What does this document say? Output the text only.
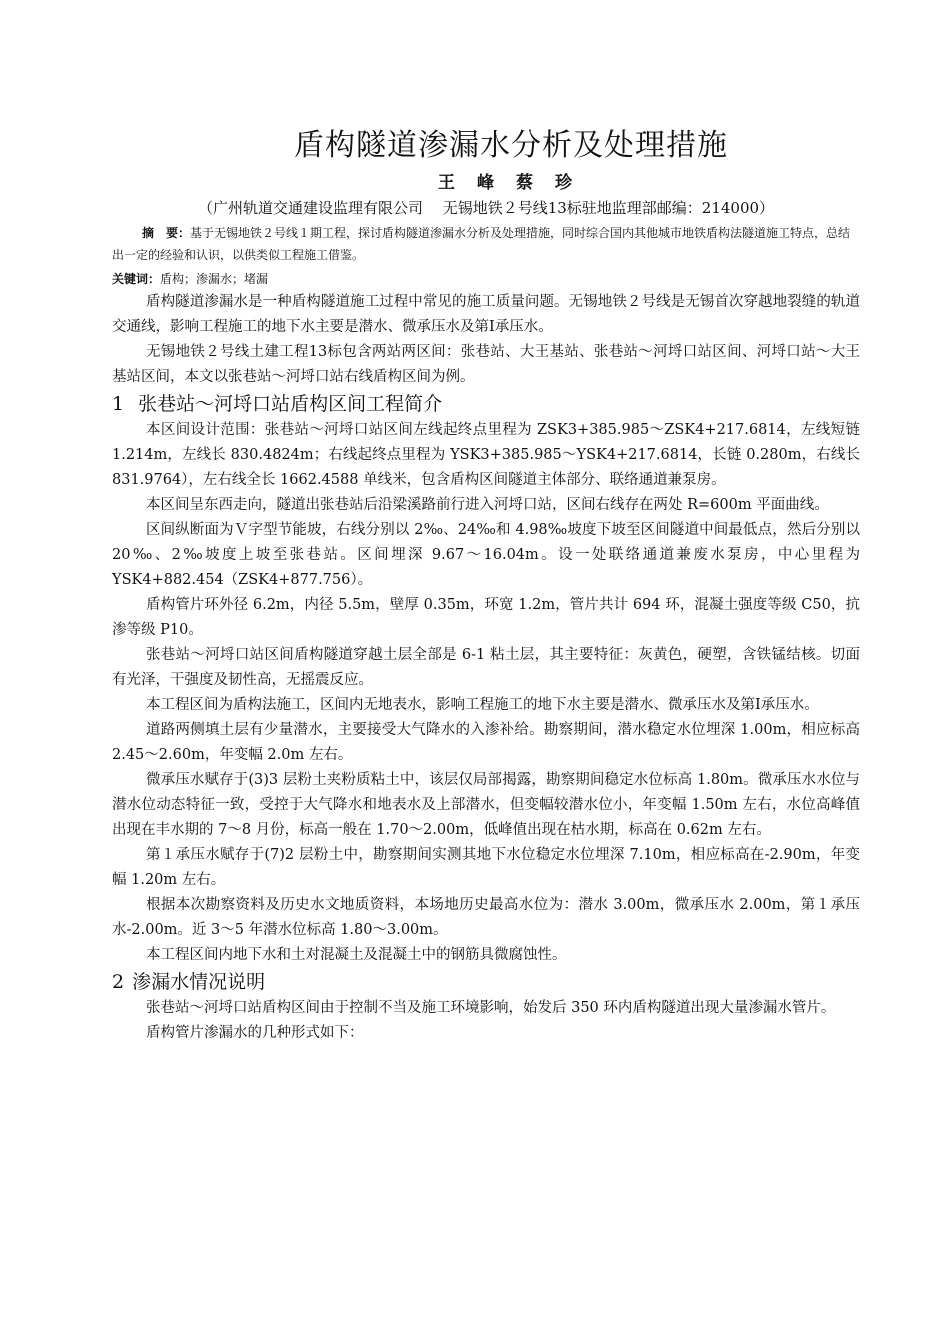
盾构隧道渗漏水分析及处理措施
王峰蔡珍
（广州轨道交通建设监理有限公司　 无锡地铁２号线13标驻地监理部邮编：214000）

摘　要：基于无锡地铁２号线１期工程，探讨盾构隧道渗漏水分析及处理措施，同时综合国内其他城市地铁盾构法隧道施工特点，总结出一定的经验和认识，以供类似工程施工借鉴。

关键词：盾构；渗漏水；堵漏

盾构隧道渗漏水是一种盾构隧道施工过程中常见的施工质量问题。无锡地铁２号线是无锡首次穿越地裂缝的轨道交通线，影响工程施工的地下水主要是潜水、微承压水及第Ⅰ承压水。

无锡地铁２号线土建工程13标包含两站两区间：张巷站、大王基站、张巷站～河埒口站区间、河埒口站～大王基站区间，本文以张巷站～河埒口站右线盾构区间为例。

1 张巷站～河埒口站盾构区间工程简介

本区间设计范围：张巷站～河埒口站区间左线起终点里程为 ZSK3+385.985～ZSK4+217.6814，左线短链 1.214m，左线长 830.4824m；右线起终点里程为 YSK3+385.985～YSK4+217.6814，长链 0.280m，右线长 831.9764），左右线全长 1662.4588 单线米，包含盾构区间隧道主体部分、联络通道兼泵房。

本区间呈东西走向，隧道出张巷站后沿梁溪路前行进入河埒口站，区间右线存在两处 R=600m 平面曲线。

区间纵断面为Ｖ字型节能坡，右线分别以 2‰、24‰和 4.98‰坡度下坡至区间隧道中间最低点，然后分别以 20‰、2‰坡度上坡至张巷站。区间埋深 9.67～16.04m。设一处联络通道兼废水泵房，中心里程为 YSK4+882.454（ZSK4+877.756）。

盾构管片环外径 6.2m，内径 5.5m，壁厚 0.35m，环宽 1.2m，管片共计 694 环，混凝土强度等级 C50，抗渗等级 P10。

张巷站～河埒口站区间盾构隧道穿越土层全部是 6-1 粘土层，其主要特征：灰黄色，硬塑，含铁锰结核。切面有光泽，干强度及韧性高，无摇震反应。

本工程区间为盾构法施工，区间内无地表水，影响工程施工的地下水主要是潜水、微承压水及第Ⅰ承压水。

道路两侧填土层有少量潜水，主要接受大气降水的入渗补给。勘察期间，潜水稳定水位埋深 1.00m，相应标高 2.45～2.60m，年变幅 2.0m 左右。

微承压水赋存于(3)3 层粉土夹粉质粘土中，该层仅局部揭露，勘察期间稳定水位标高 1.80m。微承压水水位与潜水位动态特征一致，受控于大气降水和地表水及上部潜水，但变幅较潜水位小，年变幅 1.50m 左右，水位高峰值出现在丰水期的 7～8 月份，标高一般在 1.70～2.00m，低峰值出现在枯水期，标高在 0.62m 左右。

第１承压水赋存于(7)2 层粉土中，勘察期间实测其地下水位稳定水位埋深 7.10m，相应标高在-2.90m，年变幅 1.20m 左右。

根据本次勘察资料及历史水文地质资料，本场地历史最高水位为：潜水 3.00m，微承压水 2.00m，第１承压水-2.00m。近 3～5 年潜水位标高 1.80～3.00m。

本工程区间内地下水和土对混凝土及混凝土中的钢筋具微腐蚀性。

2 渗漏水情况说明

张巷站～河埒口站盾构区间由于控制不当及施工环境影响，始发后 350 环内盾构隧道出现大量渗漏水管片。

盾构管片渗漏水的几种形式如下：
